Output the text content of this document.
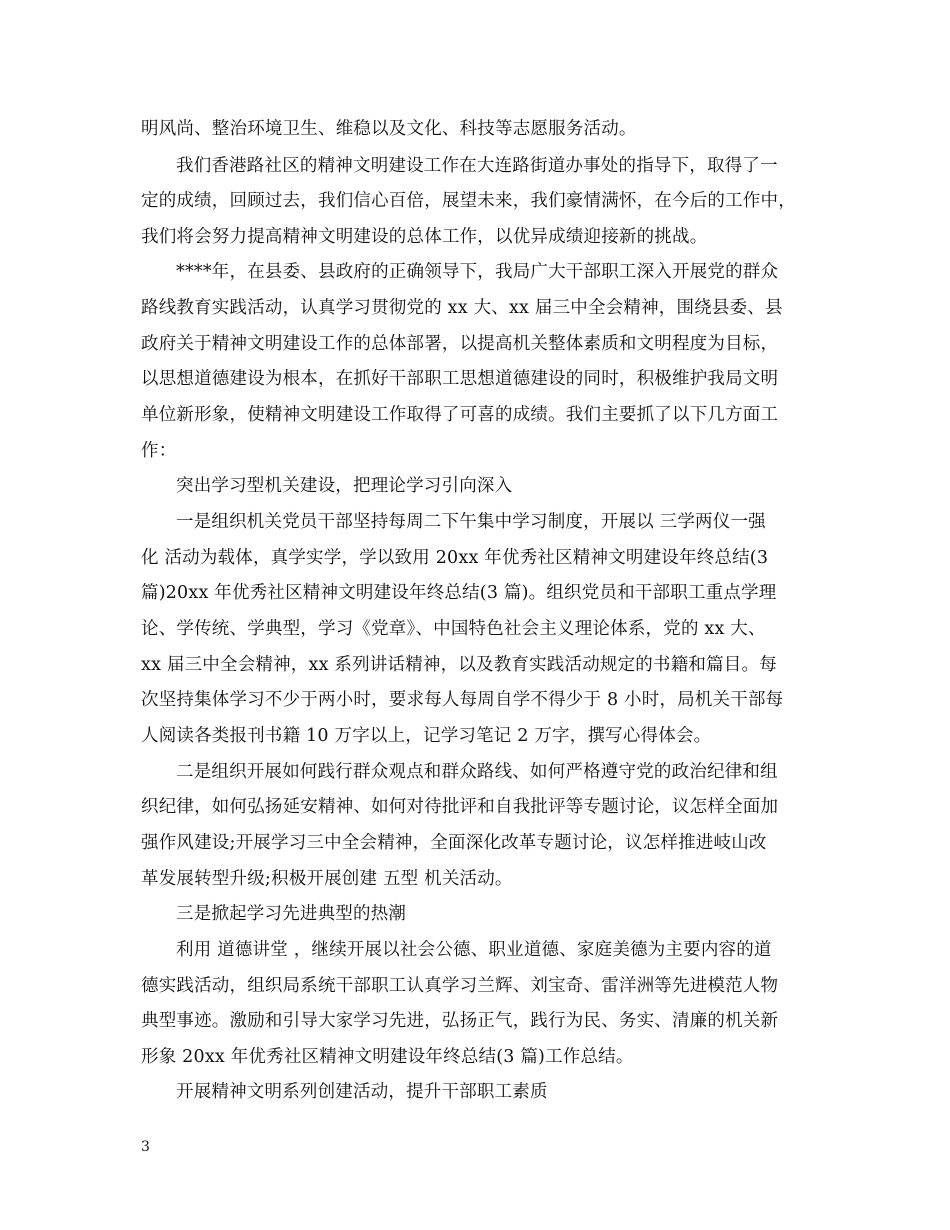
明风尚、整治环境卫生、维稳以及文化、科技等志愿服务活动。
我们香港路社区的精神文明建设工作在大连路街道办事处的指导下，取得了一
定的成绩，回顾过去，我们信心百倍，展望未来，我们豪情满怀，在今后的工作中，
我们将会努力提高精神文明建设的总体工作，以优异成绩迎接新的挑战。
****年，在县委、县政府的正确领导下，我局广大干部职工深入开展党的群众
路线教育实践活动，认真学习贯彻党的 xx 大、xx 届三中全会精神，围绕县委、县
政府关于精神文明建设工作的总体部署，以提高机关整体素质和文明程度为目标，
以思想道德建设为根本，在抓好干部职工思想道德建设的同时，积极维护我局文明
单位新形象，使精神文明建设工作取得了可喜的成绩。我们主要抓了以下几方面工
作：
突出学习型机关建设，把理论学习引向深入
一是组织机关党员干部坚持每周二下午集中学习制度，开展以 三学两仪一强
化 活动为载体，真学实学，学以致用 20xx 年优秀社区精神文明建设年终总结(3
篇)20xx 年优秀社区精神文明建设年终总结(3 篇)。组织党员和干部职工重点学理
论、学传统、学典型，学习《党章》、中国特色社会主义理论体系，党的 xx 大、
xx 届三中全会精神，xx 系列讲话精神，以及教育实践活动规定的书籍和篇目。每
次坚持集体学习不少于两小时，要求每人每周自学不得少于 8 小时，局机关干部每
人阅读各类报刊书籍 10 万字以上，记学习笔记 2 万字，撰写心得体会。
二是组织开展如何践行群众观点和群众路线、如何严格遵守党的政治纪律和组
织纪律，如何弘扬延安精神、如何对待批评和自我批评等专题讨论，议怎样全面加
强作风建设;开展学习三中全会精神，全面深化改革专题讨论，议怎样推进岐山改
革发展转型升级;积极开展创建 五型 机关活动。
三是掀起学习先进典型的热潮
利用 道德讲堂 ，继续开展以社会公德、职业道德、家庭美德为主要内容的道
德实践活动，组织局系统干部职工认真学习兰辉、刘宝奇、雷洋洲等先进模范人物
典型事迹。激励和引导大家学习先进，弘扬正气，践行为民、务实、清廉的机关新
形象 20xx 年优秀社区精神文明建设年终总结(3 篇)工作总结。
开展精神文明系列创建活动，提升干部职工素质
3
